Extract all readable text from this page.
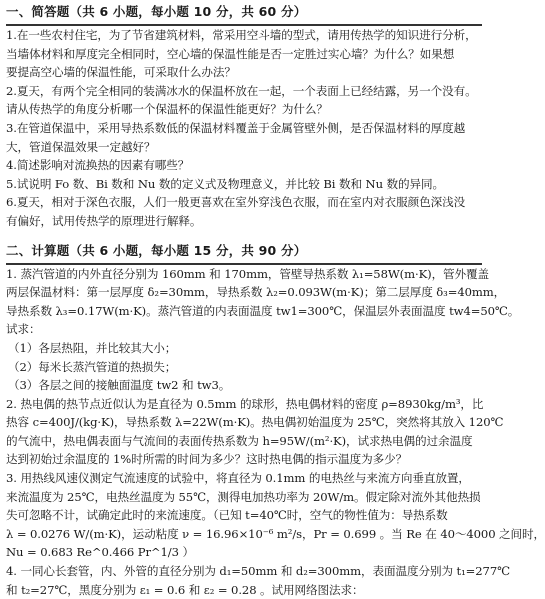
一、简答题（共 6 小题，每小题 10 分，共 60 分）
1.在一些农村住宅，为了节省建筑材料，常采用空斗墙的型式，请用传热学的知识进行分析，
当墙体材料和厚度完全相同时，空心墙的保温性能是否一定胜过实心墙？为什么？如果想
要提高空心墙的保温性能，可采取什么办法？
2.夏天，有两个完全相同的装满冰水的保温杯放在一起，一个表面上已经结露，另一个没有。
请从传热学的角度分析哪一个保温杯的保温性能更好？为什么？
3.在管道保温中，采用导热系数低的保温材料覆盖于金属管壁外侧，是否保温材料的厚度越
大，管道保温效果一定越好？
4.简述影响对流换热的因素有哪些？
5.试说明 Fo 数、Bi 数和 Nu 数的定义式及物理意义，并比较 Bi 数和 Nu 数的异同。
6.夏天，相对于深色衣服，人们一般更喜欢在室外穿浅色衣服，而在室内对衣服颜色深浅没
有偏好，试用传热学的原理进行解释。
二、计算题（共 6 小题，每小题 15 分，共 90 分）
1. 蒸汽管道的内外直径分别为 160mm 和 170mm，管壁导热系数 λ₁=58W(m·K)，管外覆盖
两层保温材料：第一层厚度 δ₂=30mm，导热系数 λ₂=0.093W(m·K)；第二层厚度 δ₃=40mm，
导热系数 λ₃=0.17W(m·K)。蒸汽管道的内表面温度 tw1=300℃，保温层外表面温度 tw4=50℃。
试求：
（1）各层热阻，并比较其大小；
（2）每米长蒸汽管道的热损失；
（3）各层之间的接触面温度 tw2 和 tw3。
2. 热电偶的热节点近似认为是直径为 0.5mm 的球形，热电偶材料的密度 ρ=8930kg/m³，比
热容 c=400J/(kg·K)，导热系数 λ=22W(m·K)。热电偶初始温度为 25℃，突然将其放入 120℃
的气流中，热电偶表面与气流间的表面传热系数为 h=95W/(m²·K)，试求热电偶的过余温度
达到初始过余温度的 1%时所需的时间为多少？这时热电偶的指示温度为多少？
3. 用热线风速仪测定气流速度的试验中，将直径为 0.1mm 的电热丝与来流方向垂直放置，
来流温度为 25℃，电热丝温度为 55℃，测得电加热功率为 20W/m。假定除对流外其他热损
失可忽略不计，试确定此时的来流速度。（已知 t=40℃时，空气的物性值为：导热系数
λ = 0.0276 W/(m·K)，运动粘度 ν = 16.96×10⁻⁶ m²/s，Pr = 0.699 。当 Re 在 40～4000 之间时，
Nu = 0.683 Re^0.466 Pr^1/3 ）
4. 一同心长套管，内、外管的直径分别为 d₁=50mm 和 d₂=300mm，表面温度分别为 t₁=277℃
和 t₂=27℃，黑度分别为 ε₁ = 0.6 和 ε₂ = 0.28 。试用网络图法求：
